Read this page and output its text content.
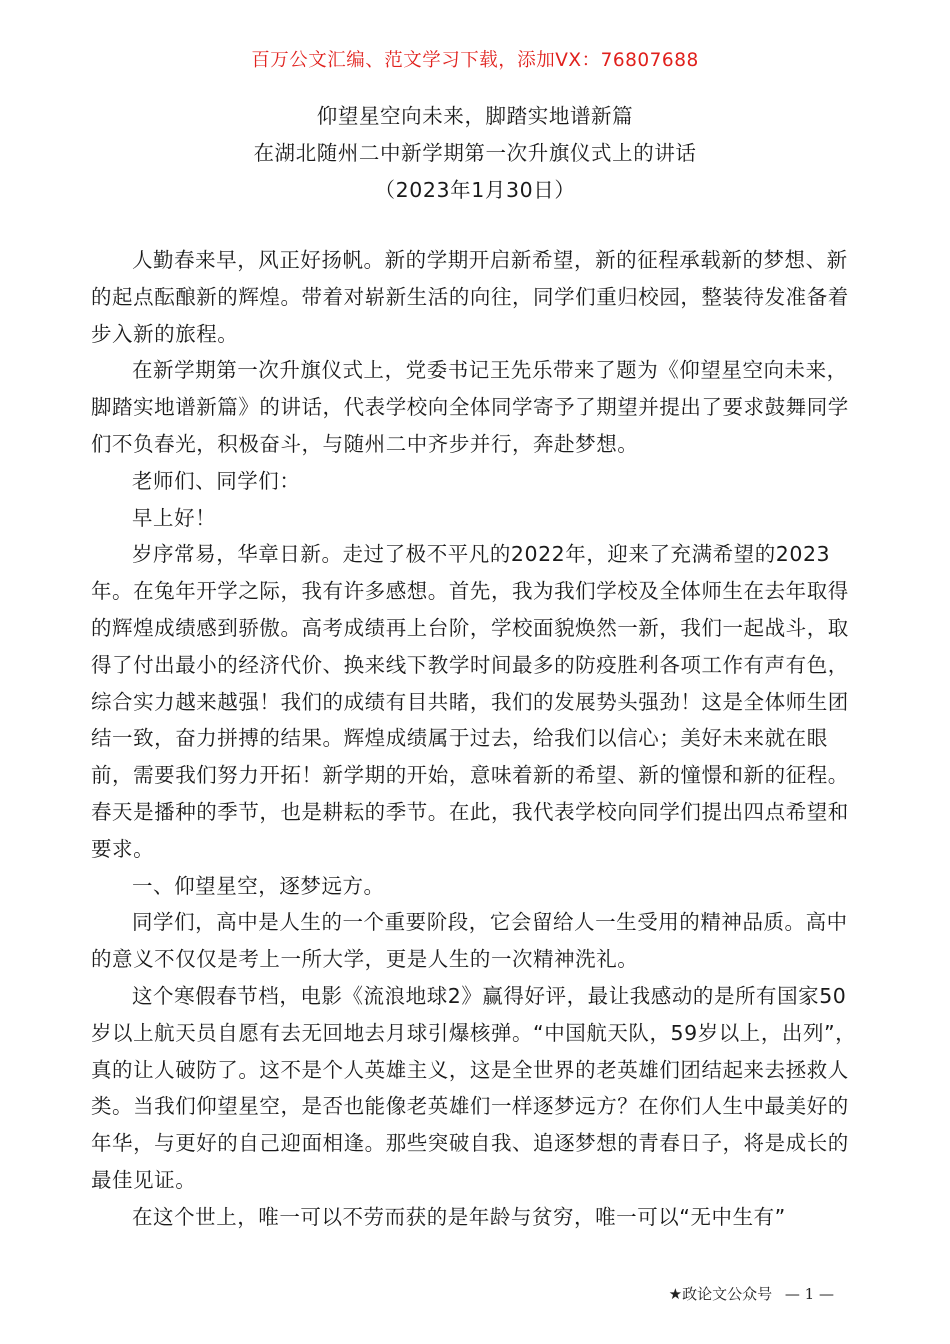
百万公文汇编、范文学习下载，添加VX：76807688
仰望星空向未来，脚踏实地谱新篇
在湖北随州二中新学期第一次升旗仪式上的讲话
（2023年1月30日）

人勤春来早，风正好扬帆。新的学期开启新希望，新的征程承载新的梦想、新的起点酝酿新的辉煌。带着对崭新生活的向往，同学们重归校园，整装待发准备着步入新的旅程。

在新学期第一次升旗仪式上，党委书记王先乐带来了题为《仰望星空向未来，脚踏实地谱新篇》的讲话，代表学校向全体同学寄予了期望并提出了要求鼓舞同学们不负春光，积极奋斗，与随州二中齐步并行，奔赴梦想。

老师们、同学们：

早上好！

岁序常易，华章日新。走过了极不平凡的2022年，迎来了充满希望的2023年。在兔年开学之际，我有许多感想。首先，我为我们学校及全体师生在去年取得的辉煌成绩感到骄傲。高考成绩再上台阶，学校面貌焕然一新，我们一起战斗，取得了付出最小的经济代价、换来线下教学时间最多的防疫胜利各项工作有声有色，综合实力越来越强！我们的成绩有目共睹，我们的发展势头强劲！这是全体师生团结一致，奋力拼搏的结果。辉煌成绩属于过去，给我们以信心；美好未来就在眼前，需要我们努力开拓！新学期的开始，意味着新的希望、新的憧憬和新的征程。春天是播种的季节，也是耕耘的季节。在此，我代表学校向同学们提出四点希望和要求。

一、仰望星空，逐梦远方。

同学们，高中是人生的一个重要阶段，它会留给人一生受用的精神品质。高中的意义不仅仅是考上一所大学，更是人生的一次精神洗礼。

这个寒假春节档，电影《流浪地球2》赢得好评，最让我感动的是所有国家50岁以上航天员自愿有去无回地去月球引爆核弹。“中国航天队，59岁以上，出列”，真的让人破防了。这不是个人英雄主义，这是全世界的老英雄们团结起来去拯救人类。当我们仰望星空，是否也能像老英雄们一样逐梦远方？在你们人生中最美好的年华，与更好的自己迎面相逢。那些突破自我、追逐梦想的青春日子，将是成长的最佳见证。

在这个世上，唯一可以不劳而获的是年龄与贫穷，唯一可以“无中生有”

★政论文公众号 — 1 —
